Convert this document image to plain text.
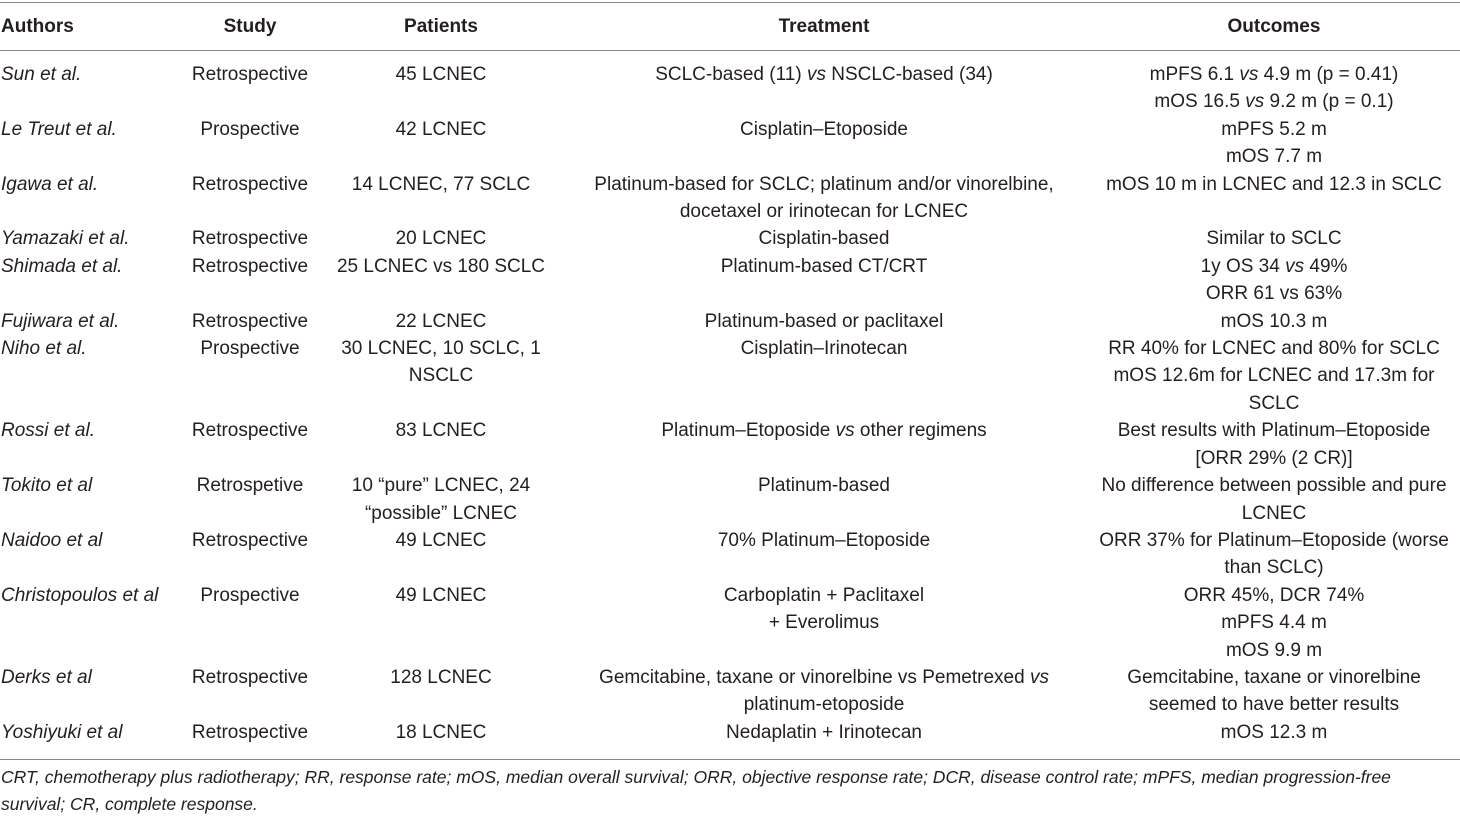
Authors	Study	Patients	Treatment	Outcomes
Sun et al.	Retrospective	45 LCNEC	SCLC-based (11) vs NSCLC-based (34)	mPFS 6.1 vs 4.9 m (p = 0.41)
mOS 16.5 vs 9.2 m (p = 0.1)
Le Treut et al.	Prospective	42 LCNEC	Cisplatin–Etoposide	mPFS 5.2 m
mOS 7.7 m
Igawa et al.	Retrospective	14 LCNEC, 77 SCLC	Platinum-based for SCLC; platinum and/or vinorelbine,
docetaxel or irinotecan for LCNEC	mOS 10 m in LCNEC and 12.3 in SCLC
Yamazaki et al.	Retrospective	20 LCNEC	Cisplatin-based	Similar to SCLC
Shimada et al.	Retrospective	25 LCNEC vs 180 SCLC	Platinum-based CT/CRT	1y OS 34 vs 49%
ORR 61 vs 63%
Fujiwara et al.	Retrospective	22 LCNEC	Platinum-based or paclitaxel	mOS 10.3 m
Niho et al.	Prospective	30 LCNEC, 10 SCLC, 1
NSCLC	Cisplatin–Irinotecan	RR 40% for LCNEC and 80% for SCLC
mOS 12.6m for LCNEC and 17.3m for
SCLC
Rossi et al.	Retrospective	83 LCNEC	Platinum–Etoposide vs other regimens	Best results with Platinum–Etoposide
[ORR 29% (2 CR)]
Tokito et al	Retrospetive	10 “pure” LCNEC, 24
“possible” LCNEC	Platinum-based	No difference between possible and pure
LCNEC
Naidoo et al	Retrospective	49 LCNEC	70% Platinum–Etoposide	ORR 37% for Platinum–Etoposide (worse
than SCLC)
Christopoulos et al	Prospective	49 LCNEC	Carboplatin + Paclitaxel
+ Everolimus	ORR 45%, DCR 74%
mPFS 4.4 m
mOS 9.9 m
Derks et al	Retrospective	128 LCNEC	Gemcitabine, taxane or vinorelbine vs Pemetrexed vs
platinum-etoposide	Gemcitabine, taxane or vinorelbine
seemed to have better results
Yoshiyuki et al	Retrospective	18 LCNEC	Nedaplatin + Irinotecan	mOS 12.3 m
CRT, chemotherapy plus radiotherapy; RR, response rate; mOS, median overall survival; ORR, objective response rate; DCR, disease control rate; mPFS, median progression-free survival; CR, complete response.
